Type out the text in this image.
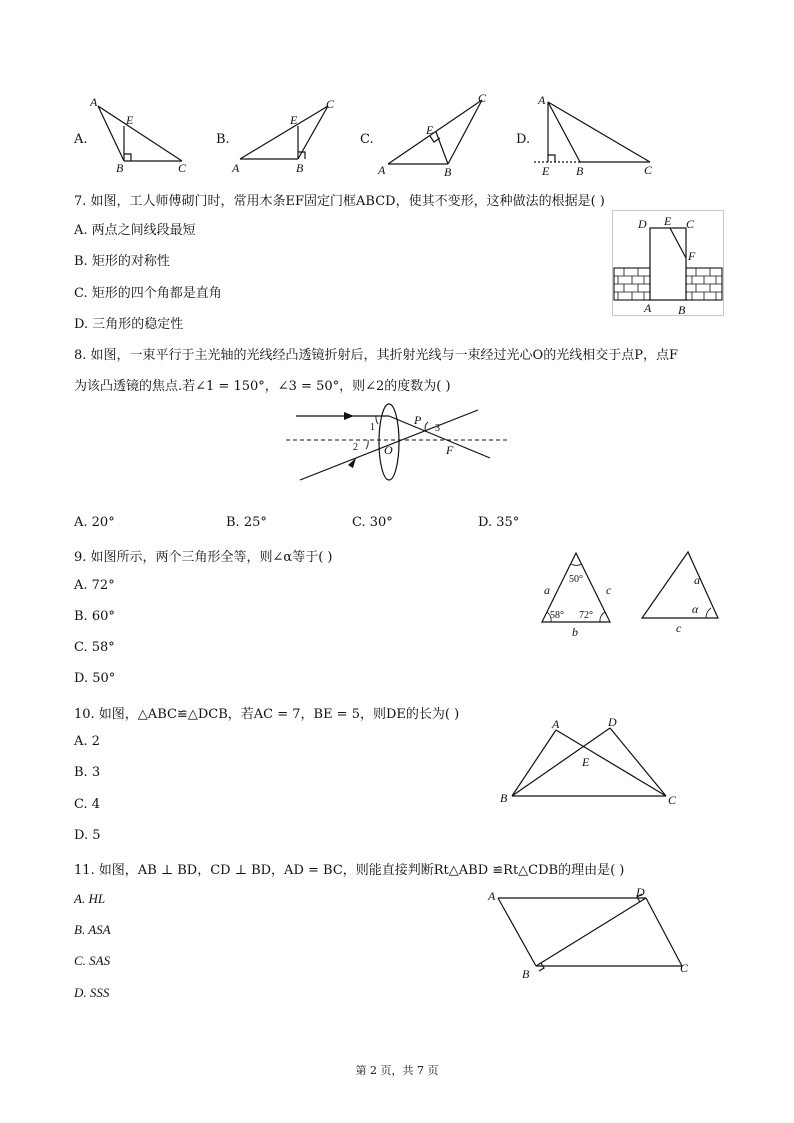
A.
A
E
B	C
B.
C
E
A	B
C.
C
E
A	B
D.
A
E B	C
7. 如图，工人师傅砌门时，常用木条EF固定门框ABCD，使其不变形，这种做法的根据是( )
A. 两点之间线段最短
B. 矩形的对称性
C. 矩形的四个角都是直角
D. 三角形的稳定性
D E C
F
A B
8. 如图，一束平行于主光轴的光线经凸透镜折射后，其折射光线与一束经过光心O的光线相交于点P，点F
为该凸透镜的焦点.若∠1 = 150°，∠3 = 50°，则∠2的度数为( )
1
2
3
P
O	F
A. 20°	B. 25°	C. 30°	D. 35°
9. 如图所示，两个三角形全等，则∠α等于( )
A. 72°
B. 60°
C. 58°
D. 50°
50°
58° 72°
a	c
b
a
α
c
10. 如图，△ABC≌△DCB，若AC = 7，BE = 5，则DE的长为( )
A. 2
B. 3
C. 4
D. 5
A	D
E
B	C
11. 如图，AB ⊥ BD，CD ⊥ BD，AD = BC，则能直接判断Rt△ABD ≌Rt△CDB的理由是( )
A. HL
B. ASA
C. SAS
D. SSS
A	D
B	C
第 2 页，共 7 页
